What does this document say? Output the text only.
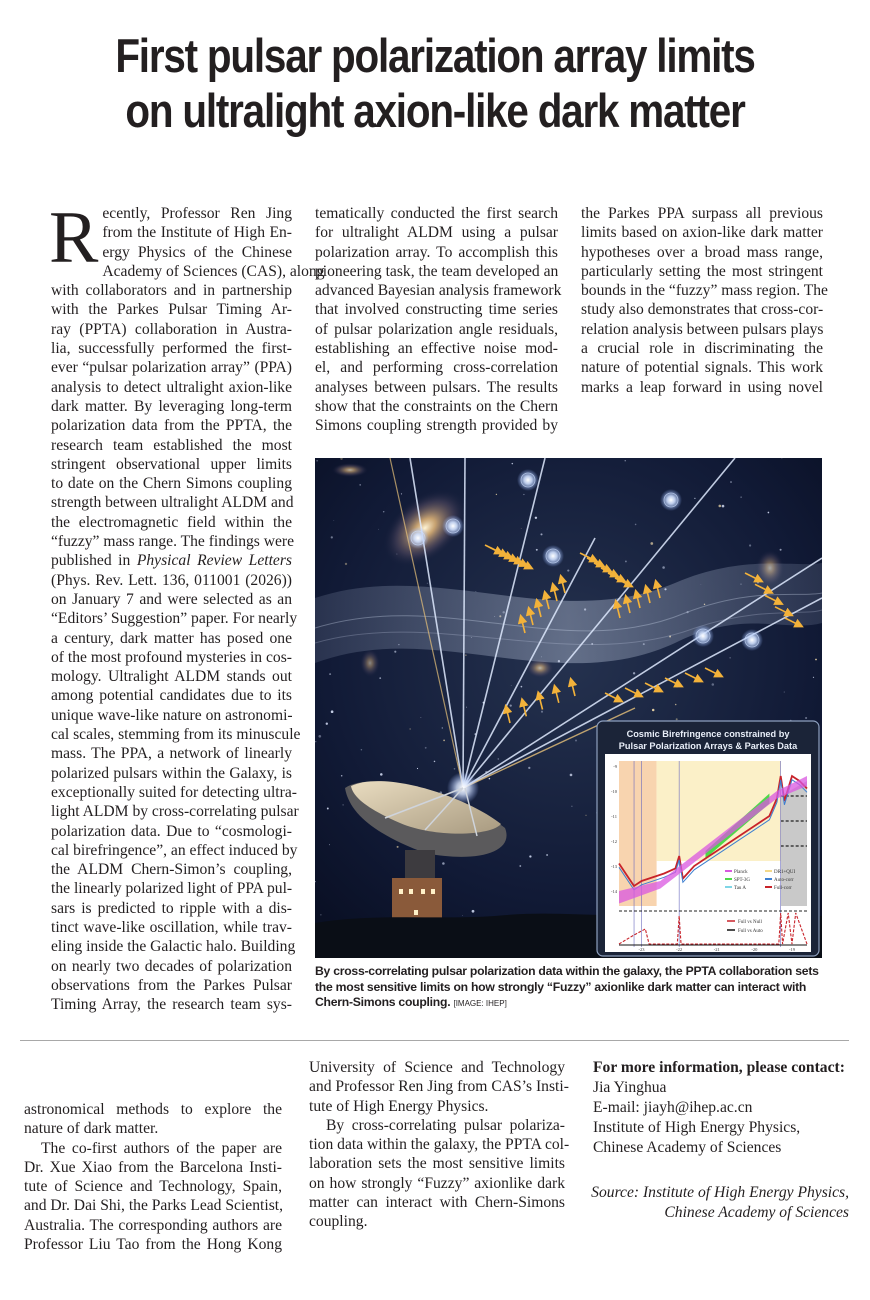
First pulsar polarization array limits
on ultralight axion-like dark matter
R ecently, Professor Ren Jing
from the Institute of High En-
ergy Physics of the Chinese
Academy of Sciences (CAS), along
with collaborators and in partnership
with the Parkes Pulsar Timing Ar-
ray (PPTA) collaboration in Austra-
lia, successfully performed the first-
ever “pulsar polarization array” (PPA)
analysis to detect ultralight axion-like
dark matter. By leveraging long-term
polarization data from the PPTA, the
research team established the most
stringent observational upper limits
to date on the Chern Simons coupling
strength between ultralight ALDM and
the electromagnetic field within the
“fuzzy” mass range. The findings were
published in Physical Review Letters
(Phys. Rev. Lett. 136, 011001 (2026))
on January 7 and were selected as an
“Editors’ Suggestion” paper. For nearly
a century, dark matter has posed one
of the most profound mysteries in cos-
mology. Ultralight ALDM stands out
among potential candidates due to its
unique wave-like nature on astronomi-
cal scales, stemming from its minuscule
mass. The PPA, a network of linearly
polarized pulsars within the Galaxy, is
exceptionally suited for detecting ultra-
light ALDM by cross-correlating pulsar
polarization data. Due to “cosmologi-
cal birefringence”, an effect induced by
the ALDM Chern-Simon’s coupling,
the linearly polarized light of PPA pul-
sars is predicted to ripple with a dis-
tinct wave-like oscillation, while trav-
eling inside the Galactic halo. Building
on nearly two decades of polarization
observations from the Parkes Pulsar
Timing Array, the research team sys-
tematically conducted the first search
for ultralight ALDM using a pulsar
polarization array. To accomplish this
pioneering task, the team developed an
advanced Bayesian analysis framework
that involved constructing time series
of pulsar polarization angle residuals,
establishing an effective noise mod-
el, and performing cross-correlation
analyses between pulsars. The results
show that the constraints on the Chern
Simons coupling strength provided by
the Parkes PPA surpass all previous
limits based on axion-like dark matter
hypotheses over a broad mass range,
particularly setting the most stringent
bounds in the “fuzzy” mass region. The
study also demonstrates that cross-cor-
relation analysis between pulsars plays
a crucial role in discriminating the
nature of potential signals. This work
marks a leap forward in using novel
Cosmic Birefringence constrained by
Pulsar Polarization Arrays & Parkes Data
Planck
SPT-3G
Tau A
DR1+QUI
Auto-corr
Full-corr
Full vs Null
Full vs Auto
-9
-10
-11
-12
-13
-14
-23	-22	-21	-20	-19
By cross-correlating pulsar polarization data within the galaxy, the PPTA collaboration sets the most sensitive limits on how strongly “Fuzzy” axionlike dark matter can interact with Chern-Simons coupling. [IMAGE: IHEP]
astronomical methods to explore the
nature of dark matter.
The co-first authors of the paper are
Dr. Xue Xiao from the Barcelona Insti-
tute of Science and Technology, Spain,
and Dr. Dai Shi, the Parks Lead Scientist,
Australia. The corresponding authors are
Professor Liu Tao from the Hong Kong
University of Science and Technology
and Professor Ren Jing from CAS’s Insti-
tute of High Energy Physics.
By cross-correlating pulsar polariza-
tion data within the galaxy, the PPTA col-
laboration sets the most sensitive limits
on how strongly “Fuzzy” axionlike dark
matter can interact with Chern-Simons
coupling.
For more information, please contact:
Jia Yinghua
E-mail: jiayh@ihep.ac.cn
Institute of High Energy Physics,
Chinese Academy of Sciences
Source: Institute of High Energy Physics,
Chinese Academy of Sciences
